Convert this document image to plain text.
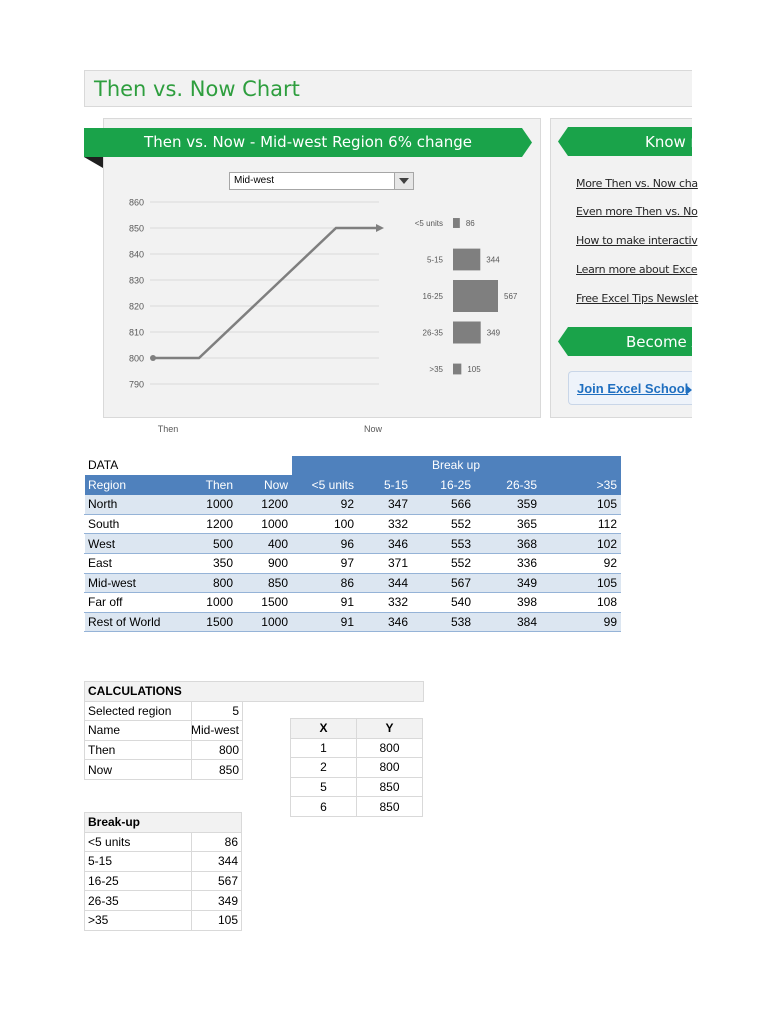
Then vs. Now Chart
Then vs. Now - Mid-west Region 6% change
Mid-west
790
800
810
820
830
840
850
860
Then	Now
<5 units	86
5-15	344
16-25	567
26-35	349
>35	105
Know m
Become A
More Then vs. Now cha
Even more Then vs. No
How to make interactiv
Learn more about Exce
Free Excel Tips Newslet
Join Excel School
DATA			Break up				
Region	Then	Now	<5 units	5-15	16-25	26-35	>35
North	1000	1200	92	347	566	359	105
South	1200	1000	100	332	552	365	112
West	500	400	96	346	553	368	102
East	350	900	97	371	552	336	92
Mid-west	800	850	86	344	567	349	105
Far off	1000	1500	91	332	540	398	108
Rest of World	1500	1000	91	346	538	384	99
CALCULATIONS		
Selected region	5	
Name	Mid-west	
Then	800	
Now	850	
X	Y
1	800
2	800
5	850
6	850
Break-up	
<5 units	86
5-15	344
16-25	567
26-35	349
>35	105
